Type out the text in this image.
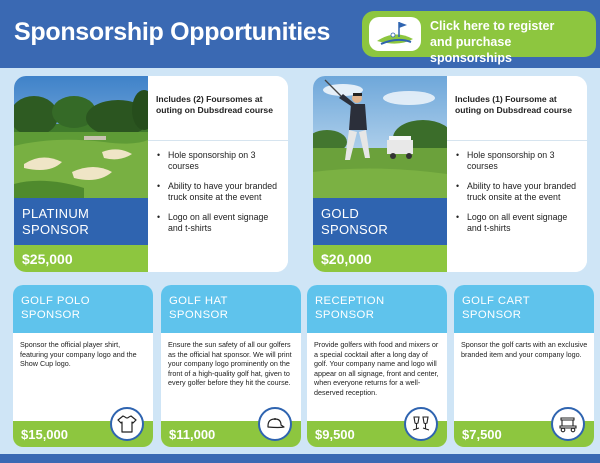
Sponsorship Opportunities	Click here to register
and purchase sponsorships
PLATINUM
SPONSOR
$25,000
Includes (2) Foursomes at outing on Dubsdread course
• Hole sponsorship on 3 courses
• Ability to have your branded truck onsite at the event
• Logo on all event signage and t-shirts
GOLD
SPONSOR
$20,000
Includes (1) Foursome at outing on Dubsdread course
• Hole sponsorship on 3 courses
• Ability to have your branded truck onsite at the event
• Logo on all event signage and t-shirts
GOLF POLO
SPONSOR
Sponsor the official player shirt, featuring your company logo and the Show Cup logo.
$15,000
GOLF HAT
SPONSOR
Ensure the sun safety of all our golfers as the official hat sponsor. We will print your company logo prominently on the front of a high-quality golf hat, given to every golfer before they hit the course.
$11,000
RECEPTION
SPONSOR
Provide golfers with food and mixers or a special cocktail after a long day of golf. Your company name and logo will appear on all signage, front and center, when everyone returns for a well-deserved reception.
$9,500
GOLF CART
SPONSOR
Sponsor the golf carts with an exclusive branded item and your company logo.
$7,500
